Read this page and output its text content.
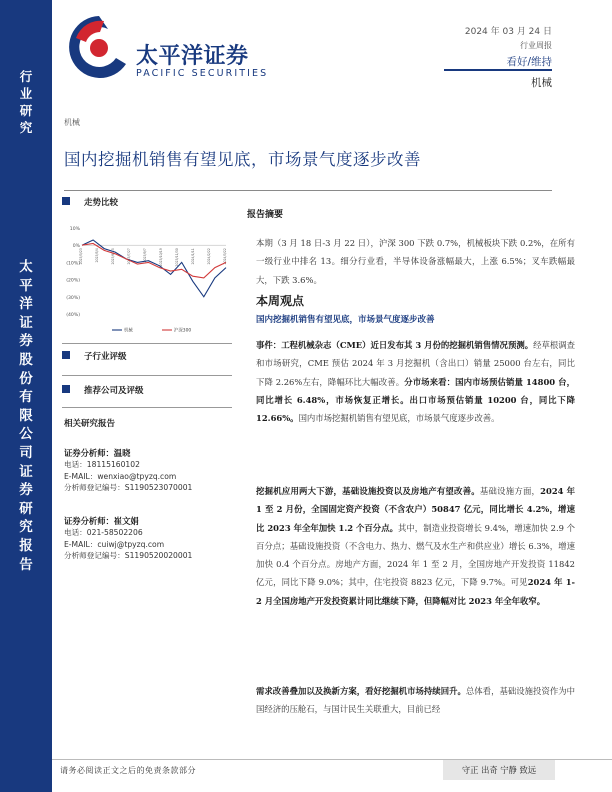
行
业
研
究
太
平
洋
证
券
股
份
有
限
公
司
证
券
研
究
报
告
太平洋证券
PACIFIC SECURITIES
2024 年 03 月 24 日
行业周报
看好/维持
机械
机械
国内挖掘机销售有望见底，市场景气度逐步改善
走势比较
10%
0%
(10%)
(20%)
(30%)
(40%)
2023/3/23	2023/5/4	2023/6/15	2023/7/27	2023/9/7	2023/10/19	2023/11/30	2024/1/11	2024/2/22	2024/3/22
机械	沪深300
子行业评级
推荐公司及评级
相关研究报告
证券分析师：温晓
电话：18115160102
E-MAIL：wenxiao@tpyzq.com
分析师登记编号：S1190523070001
证券分析师：崔文娟
电话：021-58502206
E-MAIL：cuiwj@tpyzq.com
分析师登记编号：S1190520020001
报告摘要
本期（3 月 18 日-3 月 22 日），沪深 300 下跌 0.7%，机械板块下跌 0.2%，在所有一级行业中排名 13。细分行业看，半导体设备涨幅最大，上涨 6.5%；叉车跌幅最大，下跌 3.6%。
本周观点
国内挖掘机销售有望见底，市场景气度逐步改善
事件：工程机械杂志（CME）近日发布其 3 月份的挖掘机销售情况预测。经草根调查和市场研究，CME 预估 2024 年 3 月挖掘机（含出口）销量 25000 台左右，同比下降 2.26%左右，降幅环比大幅改善。分市场来看：国内市场预估销量 14800 台，同比增长 6.48%，市场恢复正增长。出口市场预估销量 10200 台，同比下降 12.66%。国内市场挖掘机销售有望见底，市场景气度逐步改善。
挖掘机应用两大下游，基础设施投资以及房地产有望改善。基础设施方面，2024 年 1 至 2 月份，全国固定资产投资（不含农户）50847 亿元，同比增长 4.2%，增速比 2023 年全年加快 1.2 个百分点。其中，制造业投资增长 9.4%，增速加快 2.9 个百分点；基础设施投资（不含电力、热力、燃气及水生产和供应业）增长 6.3%，增速加快 0.4 个百分点。房地产方面，2024 年 1 至 2 月，全国房地产开发投资 11842 亿元，同比下降 9.0%；其中，住宅投资 8823 亿元，下降 9.7%。可见2024 年 1-2 月全国房地产开发投资累计同比继续下降，但降幅对比 2023 年全年收窄。
需求改善叠加以及换新方案，看好挖掘机市场持续回升。总体看，基础设施投资作为中国经济的压舱石，与国计民生关联重大，目前已经
请务必阅读正文之后的免责条款部分	守正 出奇 宁静 致远
